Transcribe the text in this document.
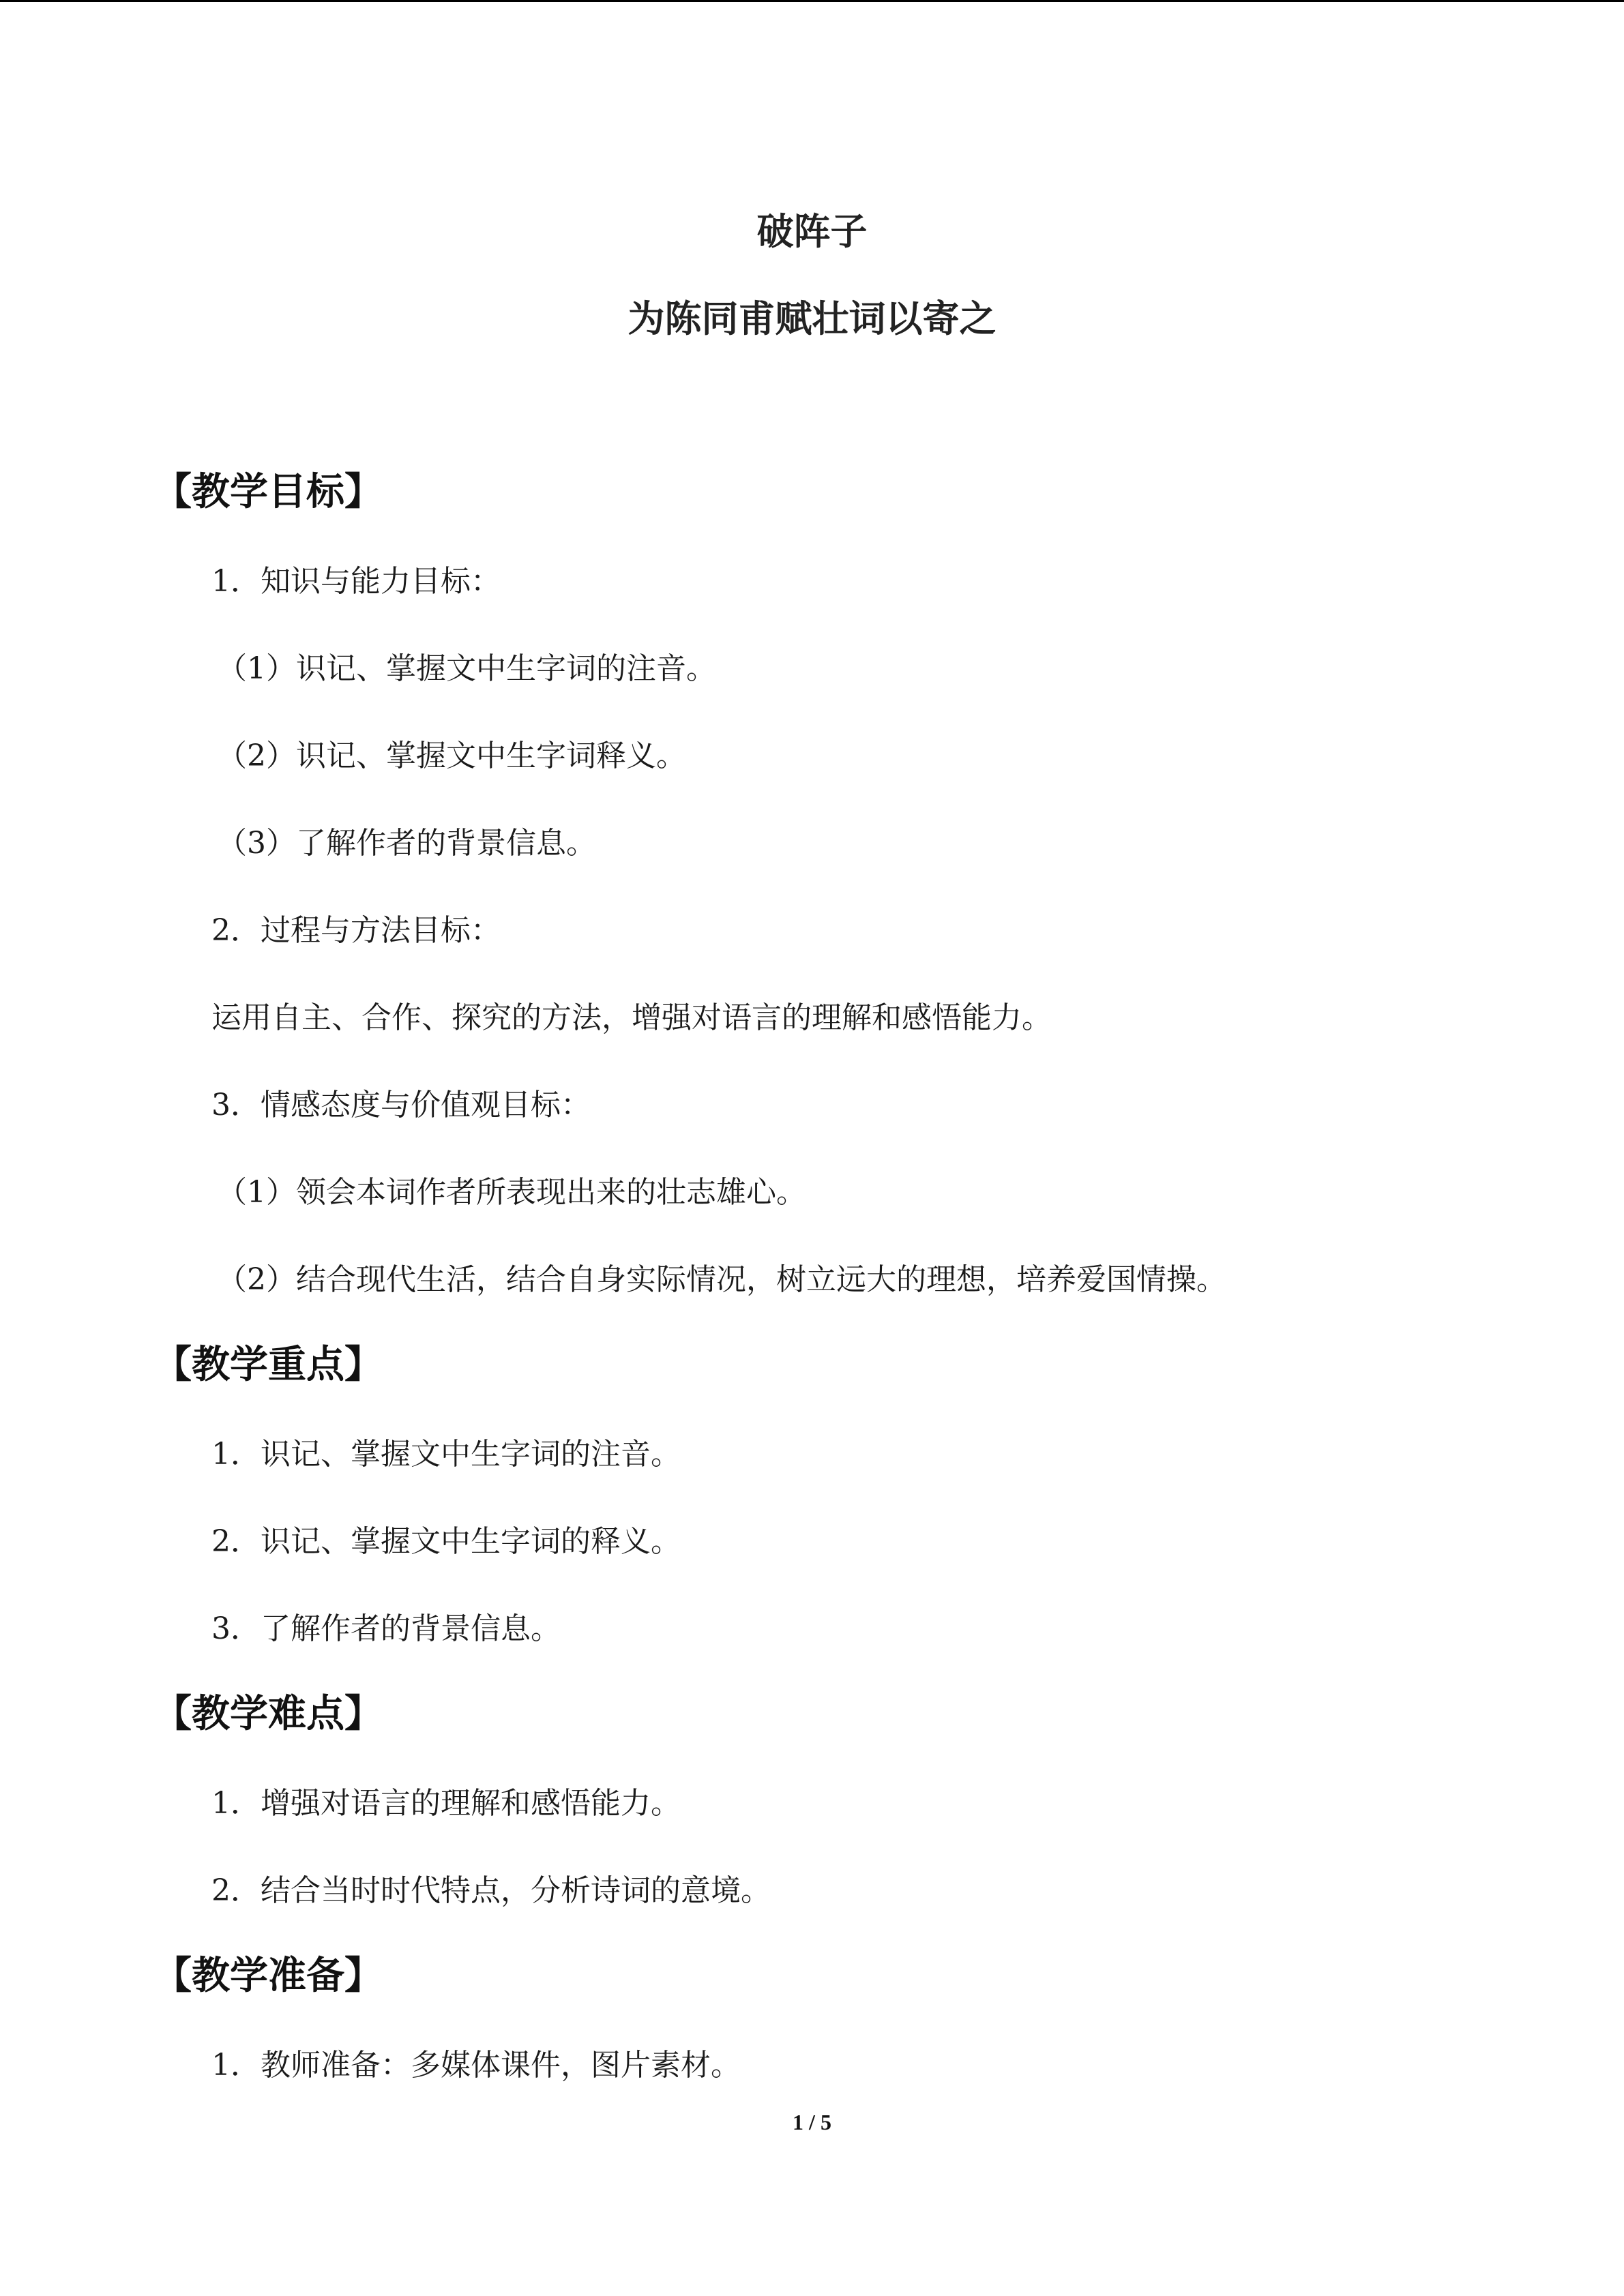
破阵子
为陈同甫赋壮词以寄之
【教学目标】
1．知识与能力目标：
（1）识记、掌握文中生字词的注音。
（2）识记、掌握文中生字词释义。
（3）了解作者的背景信息。
2．过程与方法目标：
运用自主、合作、探究的方法，增强对语言的理解和感悟能力。
3．情感态度与价值观目标：
（1）领会本词作者所表现出来的壮志雄心。
（2）结合现代生活，结合自身实际情况，树立远大的理想，培养爱国情操。
【教学重点】
1．识记、掌握文中生字词的注音。
2．识记、掌握文中生字词的释义。
3．了解作者的背景信息。
【教学难点】
1．增强对语言的理解和感悟能力。
2．结合当时时代特点，分析诗词的意境。
【教学准备】
1．教师准备：多媒体课件，图片素材。
1 / 5
